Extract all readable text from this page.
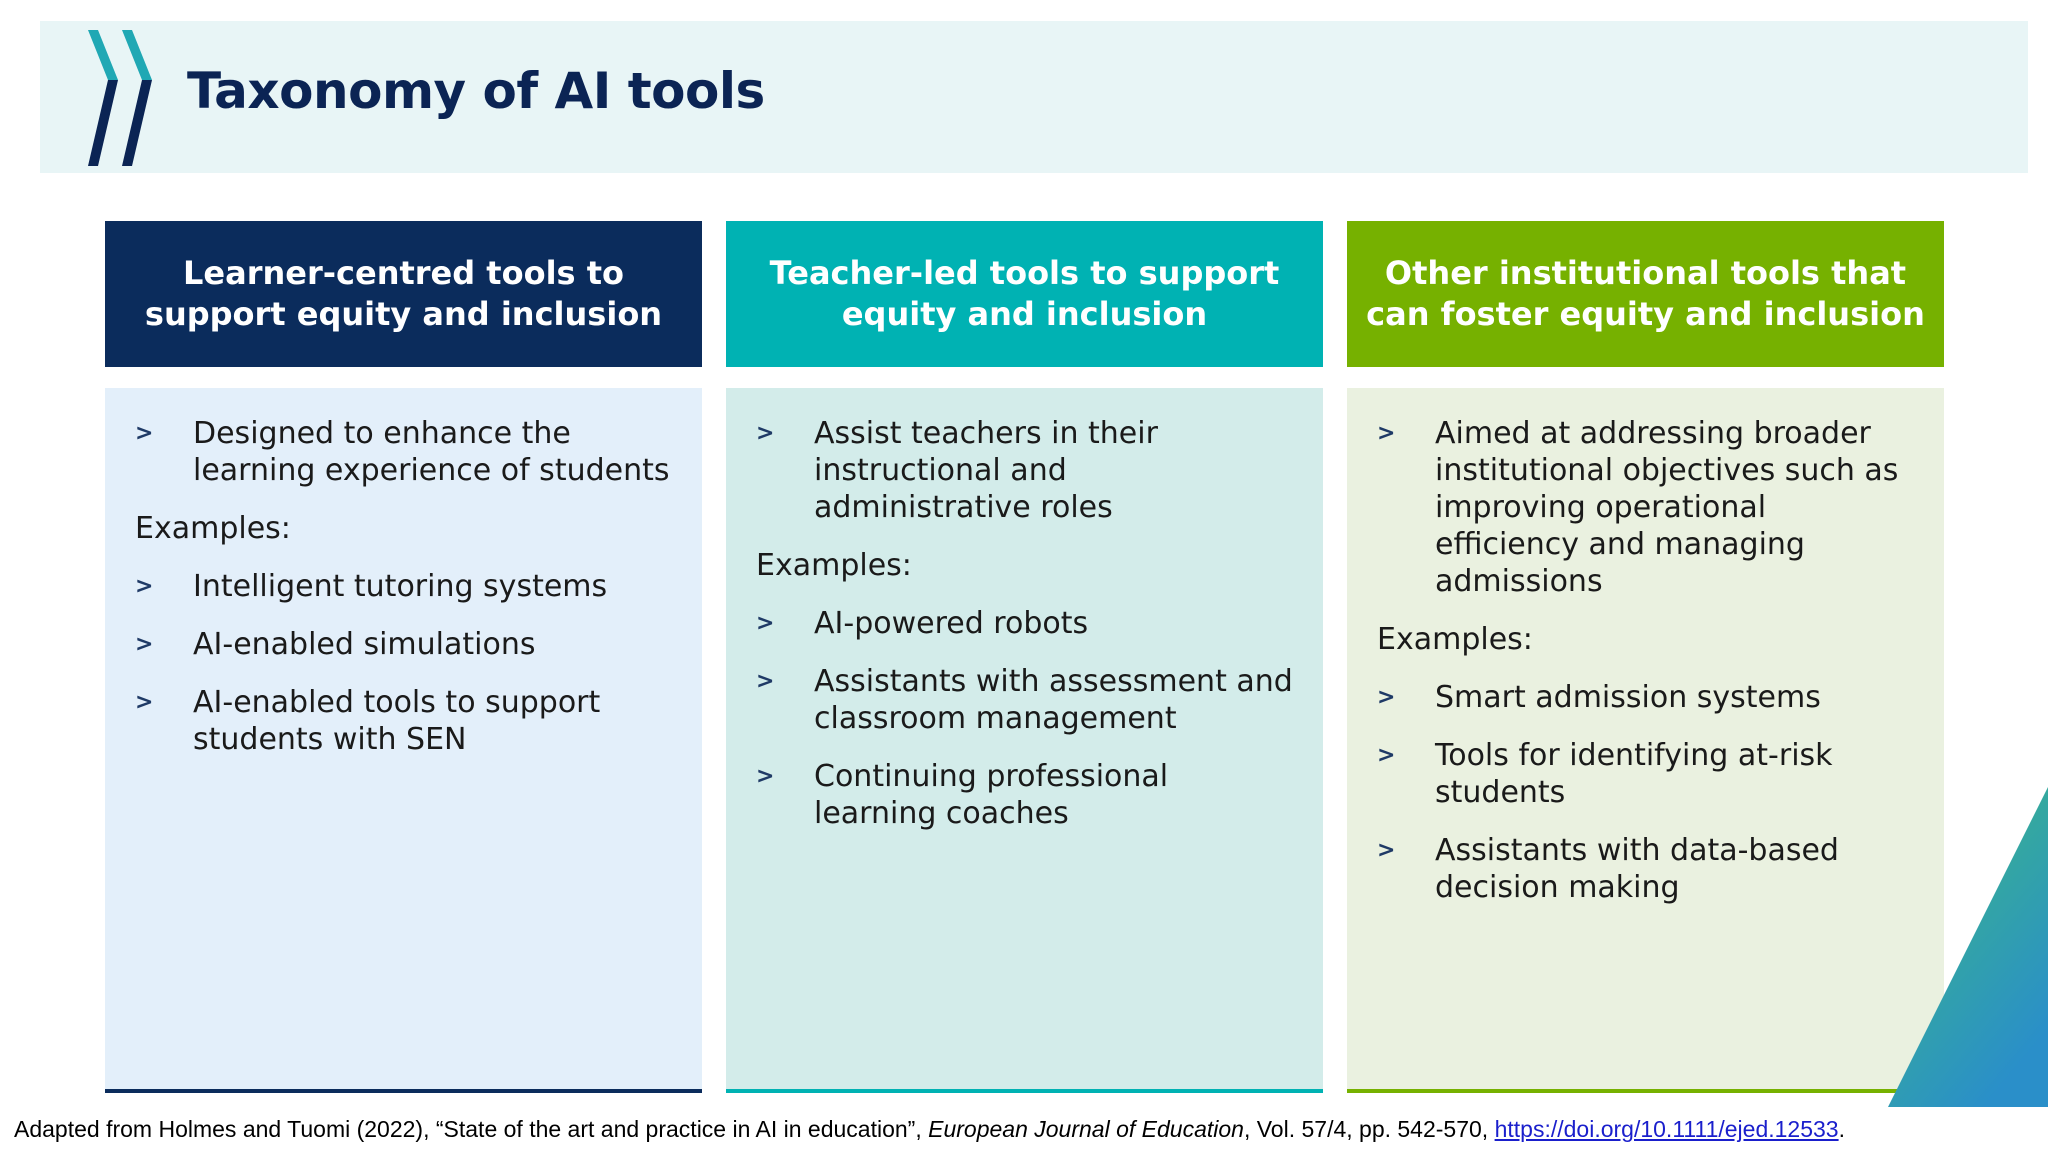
Taxonomy of AI tools
Learner-centred tools to support equity and inclusion
> Designed to enhance the learning experience of students
Examples:
> Intelligent tutoring systems
> AI-enabled simulations
> AI-enabled tools to support students with SEN
Teacher-led tools to support equity and inclusion
> Assist teachers in their instructional and administrative roles
Examples:
> AI-powered robots
> Assistants with assessment and classroom management
> Continuing professional learning coaches
Other institutional tools that can foster equity and inclusion
> Aimed at addressing broader institutional objectives such as improving operational efficiency and managing admissions
Examples:
> Smart admission systems
> Tools for identifying at-risk students
> Assistants with data-based decision making
Adapted from Holmes and Tuomi (2022), “State of the art and practice in AI in education”, European Journal of Education, Vol. 57/4, pp. 542-570, https://doi.org/10.1111/ejed.12533.
